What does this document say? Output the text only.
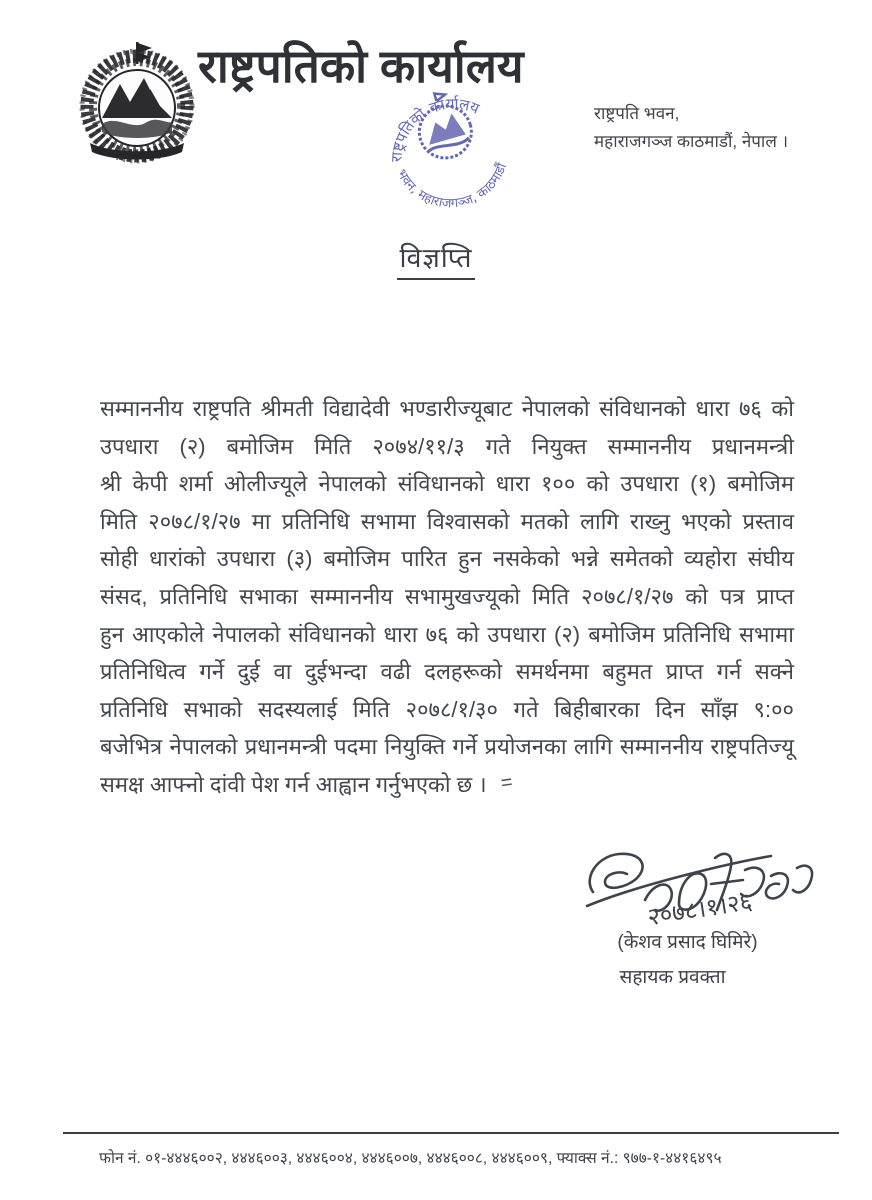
राष्ट्रपतिको कार्यालय
राष्ट्रपतिको कार्यालय
भवन, महाराजगञ्ज, काठमाडौं
राष्ट्रपति भवन,
महाराजगञ्ज काठमाडौं, नेपाल ।
विज्ञप्ति
सम्माननीय राष्ट्रपति श्रीमती विद्यादेवी भण्डारीज्यूबाट नेपालको संविधानको धारा ७६ को
उपधारा (२) बमोजिम मिति २०७४/११/३ गते नियुक्त सम्माननीय प्रधानमन्त्री
श्री केपी शर्मा ओलीज्यूले नेपालको संविधानको धारा १०० को उपधारा (१) बमोजिम
मिति २०७८/१/२७ मा प्रतिनिधि सभामा विश्वासको मतको लागि राख्नु भएको प्रस्ताव
सोही धारांको उपधारा (३) बमोजिम पारित हुन नसकेको भन्ने समेतको व्यहोरा संघीय
संसद, प्रतिनिधि सभाका सम्माननीय सभामुखज्यूको मिति २०७८/१/२७ को पत्र प्राप्त
हुन आएकोले नेपालको संविधानको धारा ७६ को उपधारा (२) बमोजिम प्रतिनिधि सभामा
प्रतिनिधित्व गर्ने दुई वा दुईभन्दा वढी दलहरूको समर्थनमा बहुमत प्राप्त गर्न सक्ने
प्रतिनिधि सभाको सदस्यलाई मिति २०७८/१/३० गते बिहीबारका दिन साँझ ९:००
बजेभित्र नेपालको प्रधानमन्त्री पदमा नियुक्ति गर्ने प्रयोजनका लागि सम्माननीय राष्ट्रपतिज्यू
समक्ष आफ्नो दांवी पेश गर्न आह्वान गर्नुभएको छ । =
२०७८।१।२६
(केशव प्रसाद घिमिरे)
सहायक प्रवक्ता
फोन नं. ०१-४४४६००२, ४४४६००३, ४४४६००४, ४४४६००७, ४४४६००८, ४४४६००९, फ्याक्स नं.: ९७७-१-४४१६४९५
